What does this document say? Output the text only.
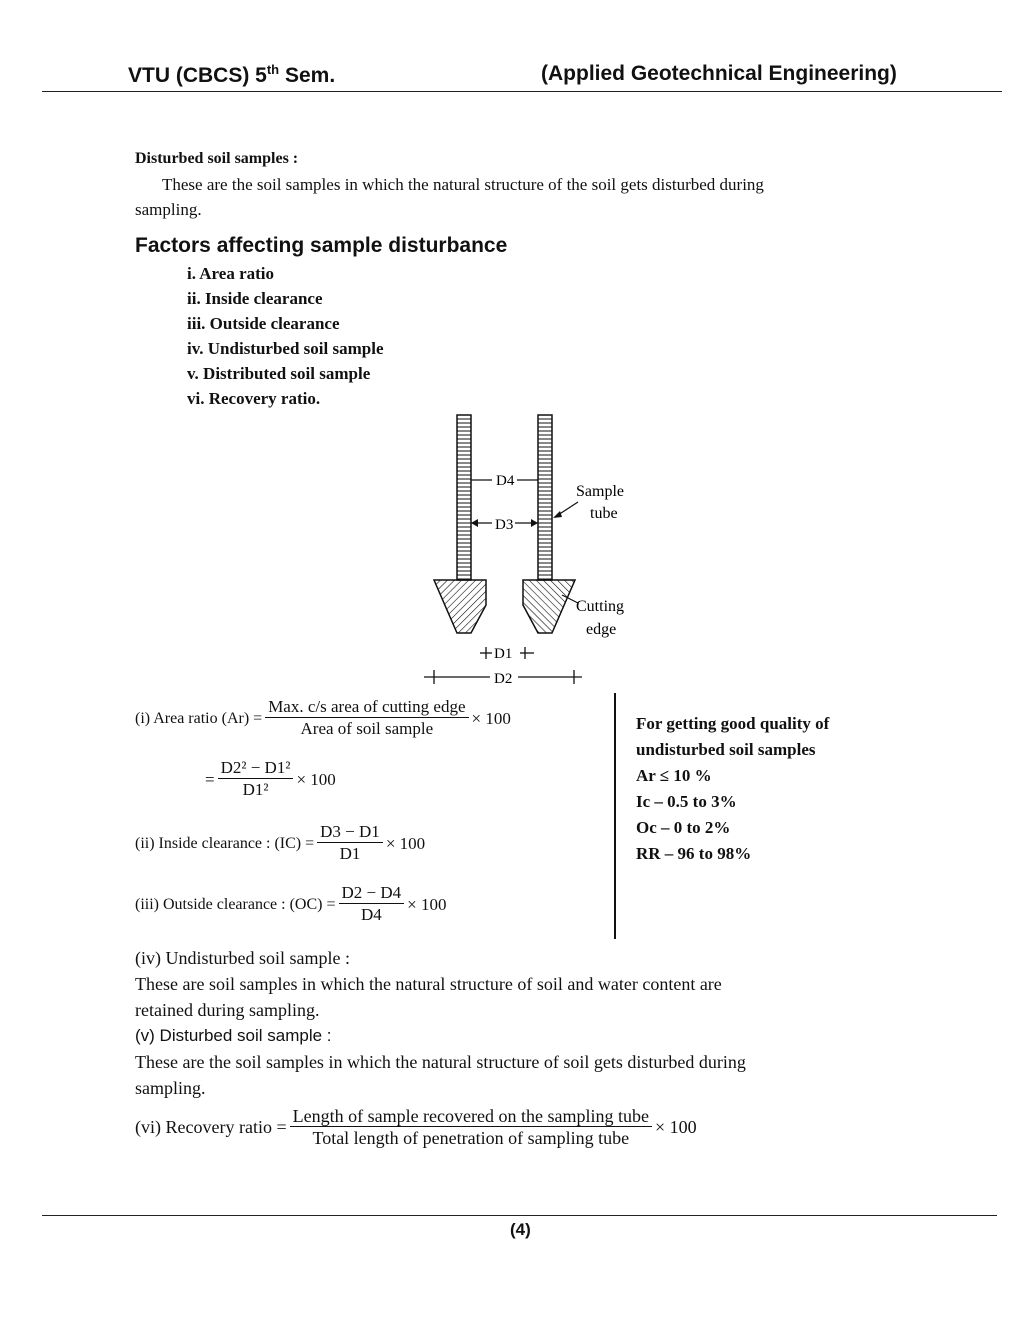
VTU (CBCS) 5th Sem.	(Applied Geotechnical Engineering)
Disturbed soil samples :
These are the soil samples in which the natural structure of the soil gets disturbed during
sampling.
Factors affecting sample disturbance
i. Area ratio
ii. Inside clearance
iii. Outside clearance
iv. Undisturbed soil sample
v. Distributed soil sample
vi. Recovery ratio.
D4
D3
Sample
tube
Cutting
edge
D1
D2
(i) Area ratio $(Ar) = \frac{\text{Max. c/s area of cutting edge}}{\text{Area of soil sample}} \times 100$
= $\frac{\text{D2² − D1²}}{\text{D1²}} \times 100$
(ii) Inside clearance : $(IC) = \frac{D3 - D1}{D1} \times 100$
(iii) Outside clearance : $(OC) = \frac{D2 - D4}{D4} \times 100$
For getting good quality of
undisturbed soil samples
Ar ≤ 10 %
Ic – 0.5 to 3%
Oc – 0 to 2%
RR – 96 to 98%
(iv) Undisturbed soil sample :
These are soil samples in which the natural structure of soil and water content are
retained during sampling.
(v) Disturbed soil sample :
These are the soil samples in which the natural structure of soil gets disturbed during
sampling.
(vi) Recovery ratio = $\frac{\text{Length of sample recovered on the sampling tube}}{\text{Total length of penetration of sampling tube}} \times 100$
(4)
